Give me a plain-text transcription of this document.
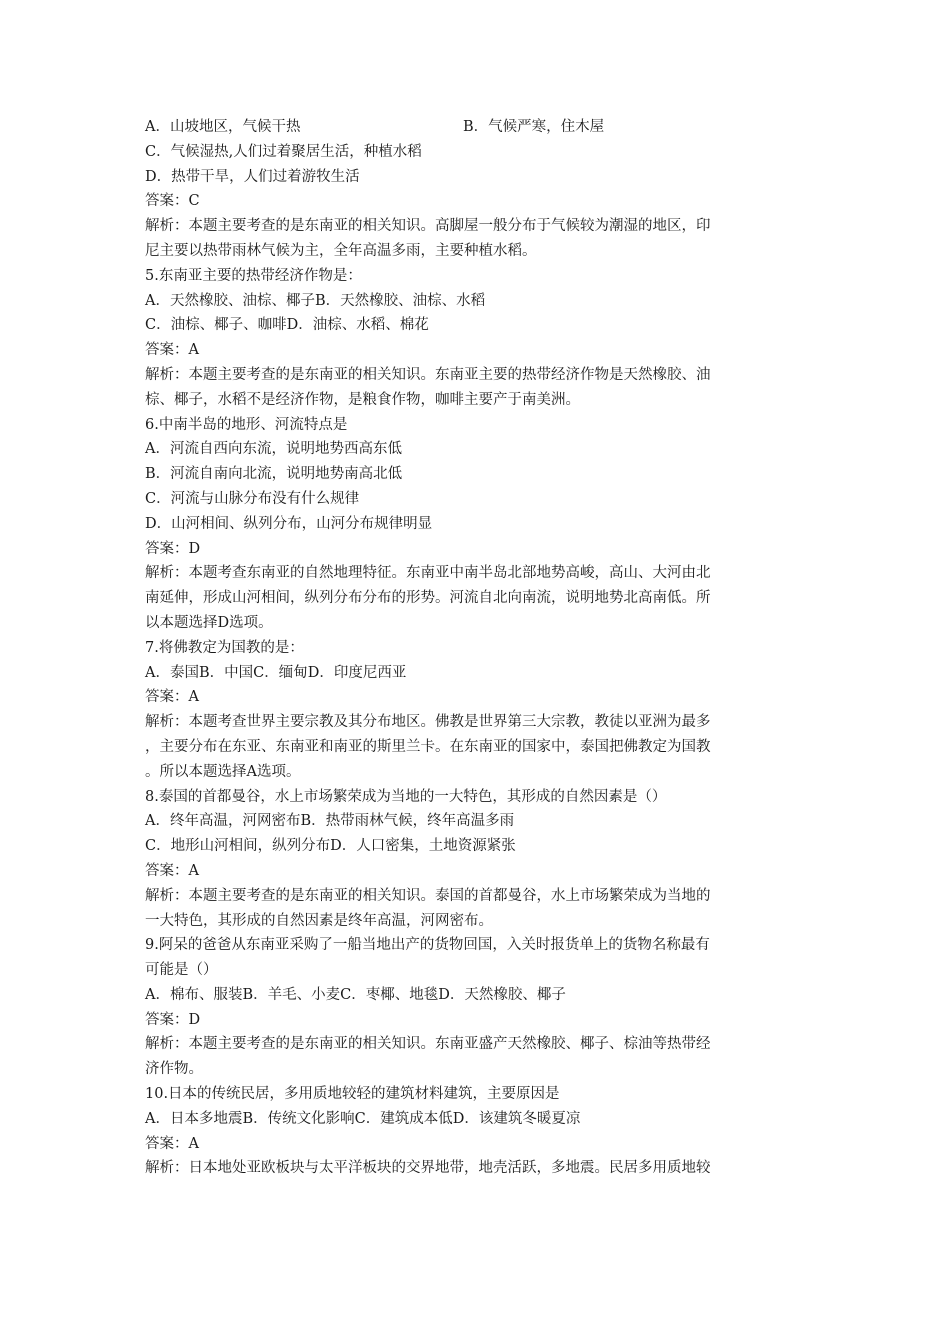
A．山坡地区，气候干热	B．气候严寒，住木屋
C．气候湿热,人们过着聚居生活，种植水稻
D．热带干旱，人们过着游牧生活
答案：C
解析：本题主要考查的是东南亚的相关知识。高脚屋一般分布于气候较为潮湿的地区，印
尼主要以热带雨林气候为主，全年高温多雨，主要种植水稻。
5.东南亚主要的热带经济作物是：
A．天然橡胶、油棕、椰子B．天然橡胶、油棕、水稻
C．油棕、椰子、咖啡D．油棕、水稻、棉花
答案：A
解析：本题主要考查的是东南亚的相关知识。东南亚主要的热带经济作物是天然橡胶、油
棕、椰子，水稻不是经济作物，是粮食作物，咖啡主要产于南美洲。
6.中南半岛的地形、河流特点是
A．河流自西向东流，说明地势西高东低
B．河流自南向北流，说明地势南高北低
C．河流与山脉分布没有什么规律
D．山河相间、纵列分布，山河分布规律明显
答案：D
解析：本题考查东南亚的自然地理特征。东南亚中南半岛北部地势高峻，高山、大河由北
南延伸，形成山河相间，纵列分布分布的形势。河流自北向南流，说明地势北高南低。所
以本题选择D选项。
7.将佛教定为国教的是：
A．泰国B．中国C．缅甸D．印度尼西亚
答案：A
解析：本题考查世界主要宗教及其分布地区。佛教是世界第三大宗教，教徒以亚洲为最多
，主要分布在东亚、东南亚和南亚的斯里兰卡。在东南亚的国家中，泰国把佛教定为国教
。所以本题选择A选项。
8.泰国的首都曼谷，水上市场繁荣成为当地的一大特色，其形成的自然因素是（）
A．终年高温，河网密布B．热带雨林气候，终年高温多雨
C．地形山河相间，纵列分布D．人口密集，土地资源紧张
答案：A
解析：本题主要考查的是东南亚的相关知识。泰国的首都曼谷，水上市场繁荣成为当地的
一大特色，其形成的自然因素是终年高温，河网密布。
9.阿呆的爸爸从东南亚采购了一船当地出产的货物回国，入关时报货单上的货物名称最有
可能是（）
A．棉布、服装B．羊毛、小麦C．枣椰、地毯D．天然橡胶、椰子
答案：D
解析：本题主要考查的是东南亚的相关知识。东南亚盛产天然橡胶、椰子、棕油等热带经
济作物。
10.日本的传统民居，多用质地较轻的建筑材料建筑，主要原因是
A．日本多地震B．传统文化影响C．建筑成本低D．该建筑冬暖夏凉
答案：A
解析：日本地处亚欧板块与太平洋板块的交界地带，地壳活跃，多地震。民居多用质地较
